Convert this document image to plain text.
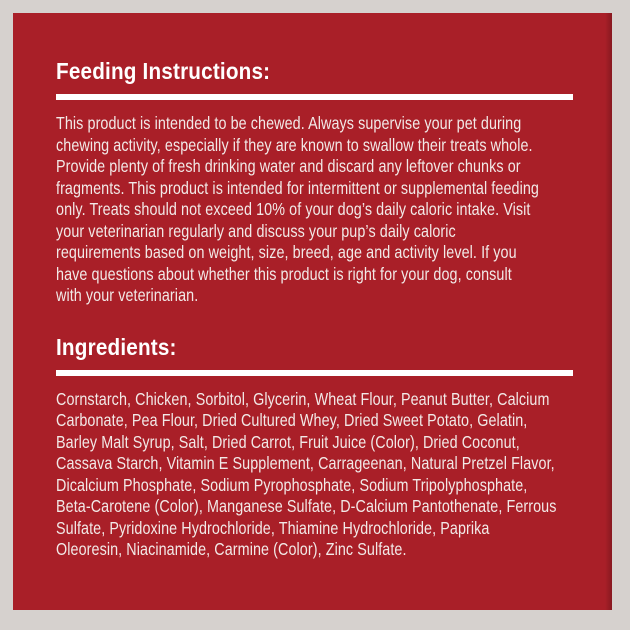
Feeding Instructions:
This product is intended to be chewed. Always supervise your pet during
chewing activity, especially if they are known to swallow their treats whole.
Provide plenty of fresh drinking water and discard any leftover chunks or
fragments. This product is intended for intermittent or supplemental feeding
only. Treats should not exceed 10% of your dog’s daily caloric intake. Visit
your veterinarian regularly and discuss your pup’s daily caloric
requirements based on weight, size, breed, age and activity level. If you
have questions about whether this product is right for your dog, consult
with your veterinarian.
Ingredients:
Cornstarch, Chicken, Sorbitol, Glycerin, Wheat Flour, Peanut Butter, Calcium
Carbonate, Pea Flour, Dried Cultured Whey, Dried Sweet Potato, Gelatin,
Barley Malt Syrup, Salt, Dried Carrot, Fruit Juice (Color), Dried Coconut,
Cassava Starch, Vitamin E Supplement, Carrageenan, Natural Pretzel Flavor,
Dicalcium Phosphate, Sodium Pyrophosphate, Sodium Tripolyphosphate,
Beta-Carotene (Color), Manganese Sulfate, D-Calcium Pantothenate, Ferrous
Sulfate, Pyridoxine Hydrochloride, Thiamine Hydrochloride, Paprika
Oleoresin, Niacinamide, Carmine (Color), Zinc Sulfate.
